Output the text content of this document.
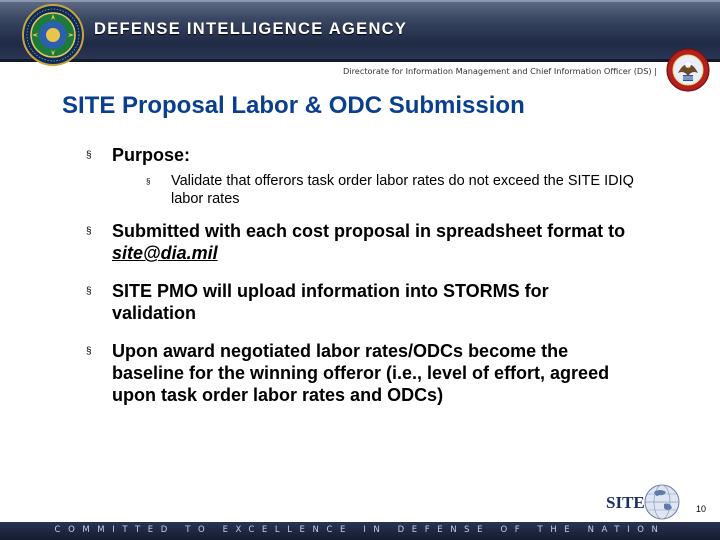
DEFENSE INTELLIGENCE AGENCY
Directorate for Information Management and Chief Information Officer (DS) |
SITE Proposal Labor & ODC Submission
§ Purpose:
§ Validate that offerors task order labor rates do not exceed the SITE IDIQ labor rates
§ Submitted with each cost proposal in spreadsheet format to site@dia.mil
§ SITE PMO will upload information into STORMS for validation
§ Upon award negotiated labor rates/ODCs become the baseline for the winning offeror (i.e., level of effort, agreed upon task order labor rates and ODCs)
SITE	10
COMMITTED TO EXCELLENCE IN DEFENSE OF THE NATION
